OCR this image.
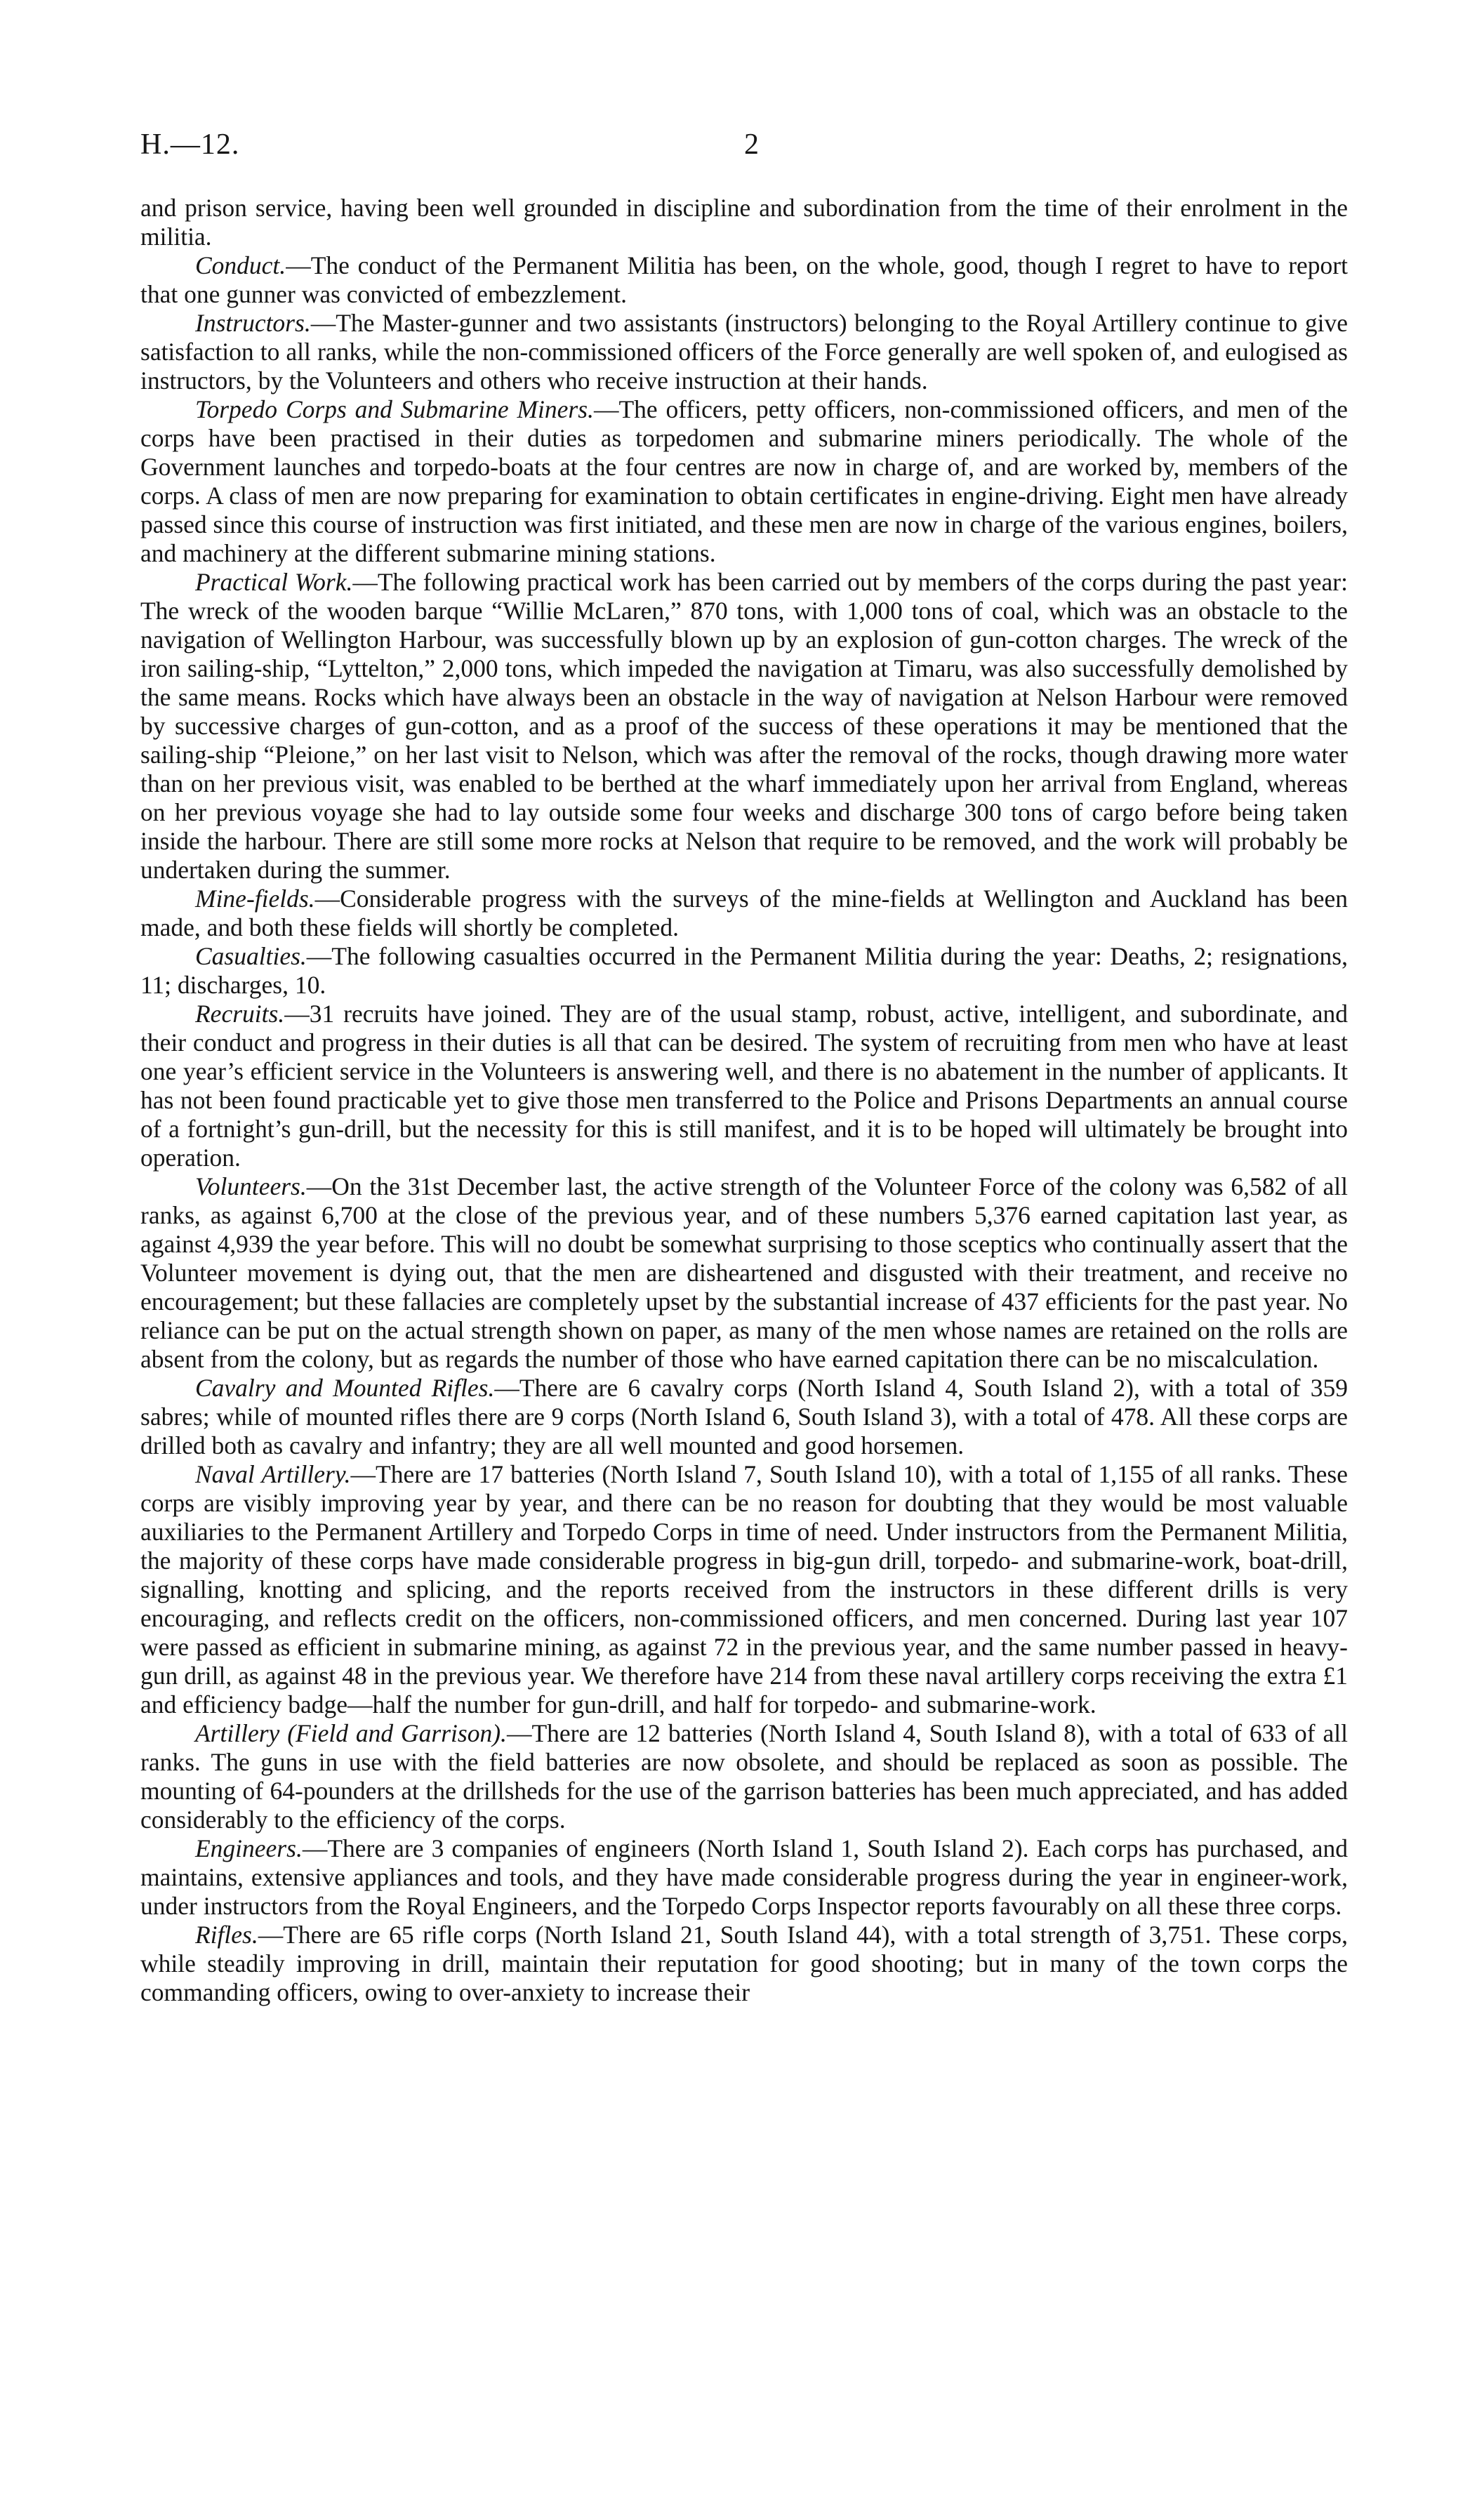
H.—12.	2

and prison service, having been well grounded in discipline and subordination from the time of their enrolment in the militia.

Conduct.—The conduct of the Permanent Militia has been, on the whole, good, though I regret to have to report that one gunner was convicted of embezzlement.

Instructors.—The Master-gunner and two assistants (instructors) belonging to the Royal Artillery continue to give satisfaction to all ranks, while the non-commissioned officers of the Force generally are well spoken of, and eulogised as instructors, by the Volunteers and others who receive instruction at their hands.

Torpedo Corps and Submarine Miners.—The officers, petty officers, non-commissioned officers, and men of the corps have been practised in their duties as torpedomen and submarine miners periodically. The whole of the Government launches and torpedo-boats at the four centres are now in charge of, and are worked by, members of the corps. A class of men are now preparing for examination to obtain certificates in engine-driving. Eight men have already passed since this course of instruction was first initiated, and these men are now in charge of the various engines, boilers, and machinery at the different submarine mining stations.

Practical Work.—The following practical work has been carried out by members of the corps during the past year: The wreck of the wooden barque “Willie McLaren,” 870 tons, with 1,000 tons of coal, which was an obstacle to the navigation of Wellington Harbour, was successfully blown up by an explosion of gun-cotton charges. The wreck of the iron sailing-ship, “Lyttelton,” 2,000 tons, which impeded the navigation at Timaru, was also successfully demolished by the same means. Rocks which have always been an obstacle in the way of navigation at Nelson Harbour were removed by successive charges of gun-cotton, and as a proof of the success of these operations it may be mentioned that the sailing-ship “Pleione,” on her last visit to Nelson, which was after the removal of the rocks, though drawing more water than on her previous visit, was enabled to be berthed at the wharf immediately upon her arrival from England, whereas on her previous voyage she had to lay outside some four weeks and discharge 300 tons of cargo before being taken inside the harbour. There are still some more rocks at Nelson that require to be removed, and the work will probably be undertaken during the summer.

Mine-fields.—Considerable progress with the surveys of the mine-fields at Wellington and Auckland has been made, and both these fields will shortly be completed.

Casualties.—The following casualties occurred in the Permanent Militia during the year: Deaths, 2; resignations, 11; discharges, 10.

Recruits.—31 recruits have joined. They are of the usual stamp, robust, active, intelligent, and subordinate, and their conduct and progress in their duties is all that can be desired. The system of recruiting from men who have at least one year’s efficient service in the Volunteers is answering well, and there is no abatement in the number of applicants. It has not been found practicable yet to give those men transferred to the Police and Prisons Departments an annual course of a fortnight’s gun-drill, but the necessity for this is still manifest, and it is to be hoped will ultimately be brought into operation.

Volunteers.—On the 31st December last, the active strength of the Volunteer Force of the colony was 6,582 of all ranks, as against 6,700 at the close of the previous year, and of these numbers 5,376 earned capitation last year, as against 4,939 the year before. This will no doubt be somewhat surprising to those sceptics who continually assert that the Volunteer movement is dying out, that the men are disheartened and disgusted with their treatment, and receive no encouragement; but these fallacies are completely upset by the substantial increase of 437 efficients for the past year. No reliance can be put on the actual strength shown on paper, as many of the men whose names are retained on the rolls are absent from the colony, but as regards the number of those who have earned capitation there can be no miscalculation.

Cavalry and Mounted Rifles.—There are 6 cavalry corps (North Island 4, South Island 2), with a total of 359 sabres; while of mounted rifles there are 9 corps (North Island 6, South Island 3), with a total of 478. All these corps are drilled both as cavalry and infantry; they are all well mounted and good horsemen.

Naval Artillery.—There are 17 batteries (North Island 7, South Island 10), with a total of 1,155 of all ranks. These corps are visibly improving year by year, and there can be no reason for doubting that they would be most valuable auxiliaries to the Permanent Artillery and Torpedo Corps in time of need. Under instructors from the Permanent Militia, the majority of these corps have made considerable progress in big-gun drill, torpedo- and submarine-work, boat-drill, signalling, knotting and splicing, and the reports received from the instructors in these different drills is very encouraging, and reflects credit on the officers, non-commissioned officers, and men concerned. During last year 107 were passed as efficient in submarine mining, as against 72 in the previous year, and the same number passed in heavy-gun drill, as against 48 in the previous year. We therefore have 214 from these naval artillery corps receiving the extra £1 and efficiency badge—half the number for gun-drill, and half for torpedo- and submarine-work.

Artillery (Field and Garrison).—There are 12 batteries (North Island 4, South Island 8), with a total of 633 of all ranks. The guns in use with the field batteries are now obsolete, and should be replaced as soon as possible. The mounting of 64-pounders at the drillsheds for the use of the garrison batteries has been much appreciated, and has added considerably to the efficiency of the corps.

Engineers.—There are 3 companies of engineers (North Island 1, South Island 2). Each corps has purchased, and maintains, extensive appliances and tools, and they have made considerable progress during the year in engineer-work, under instructors from the Royal Engineers, and the Torpedo Corps Inspector reports favourably on all these three corps.

Rifles.—There are 65 rifle corps (North Island 21, South Island 44), with a total strength of 3,751. These corps, while steadily improving in drill, maintain their reputation for good shooting; but in many of the town corps the commanding officers, owing to over-anxiety to increase their
